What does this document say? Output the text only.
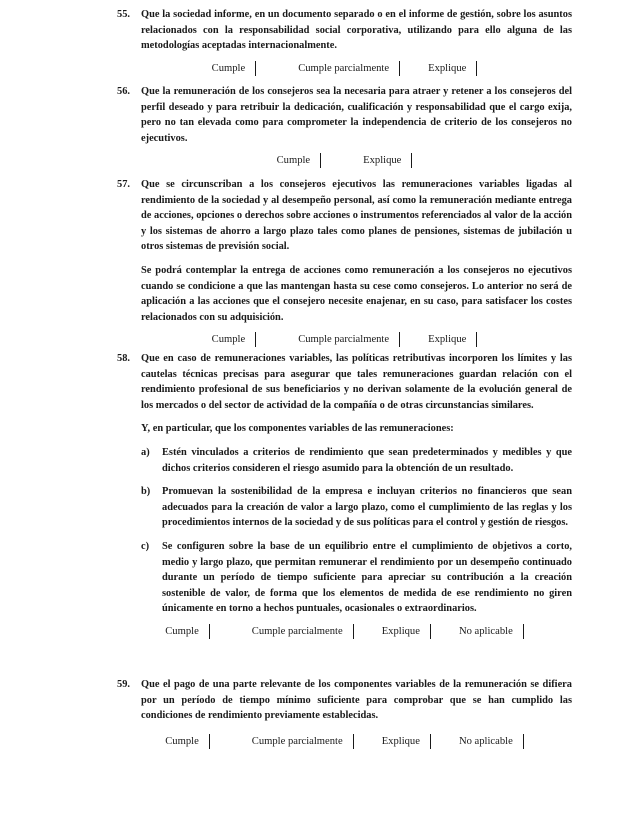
55. Que la sociedad informe, en un documento separado o en el informe de gestión, sobre los asuntos relacionados con la responsabilidad social corporativa, utilizando para ello alguna de las metodologías aceptadas internacionalmente.

Cumple	Cumple parcialmente	Explique
56. Que la remuneración de los consejeros sea la necesaria para atraer y retener a los consejeros del perfil deseado y para retribuir la dedicación, cualificación y responsabilidad que el cargo exija, pero no tan elevada como para comprometer la independencia de criterio de los consejeros no ejecutivos.

Cumple	Explique
57. Que se circunscriban a los consejeros ejecutivos las remuneraciones variables ligadas al rendimiento de la sociedad y al desempeño personal, así como la remuneración mediante entrega de acciones, opciones o derechos sobre acciones o instrumentos referenciados al valor de la acción y los sistemas de ahorro a largo plazo tales como planes de pensiones, sistemas de jubilación u otros sistemas de previsión social.

Se podrá contemplar la entrega de acciones como remuneración a los consejeros no ejecutivos cuando se condicione a que las mantengan hasta su cese como consejeros. Lo anterior no será de aplicación a las acciones que el consejero necesite enajenar, en su caso, para satisfacer los costes relacionados con su adquisición.

Cumple	Cumple parcialmente	Explique
58. Que en caso de remuneraciones variables, las políticas retributivas incorporen los límites y las cautelas técnicas precisas para asegurar que tales remuneraciones guardan relación con el rendimiento profesional de sus beneficiarios y no derivan solamente de la evolución general de los mercados o del sector de actividad de la compañía o de otras circunstancias similares.

Y, en particular, que los componentes variables de las remuneraciones:

a) Estén vinculados a criterios de rendimiento que sean predeterminados y medibles y que dichos criterios consideren el riesgo asumido para la obtención de un resultado.

b) Promuevan la sostenibilidad de la empresa e incluyan criterios no financieros que sean adecuados para la creación de valor a largo plazo, como el cumplimiento de las reglas y los procedimientos internos de la sociedad y de sus políticas para el control y gestión de riesgos.

c) Se configuren sobre la base de un equilibrio entre el cumplimiento de objetivos a corto, medio y largo plazo, que permitan remunerar el rendimiento por un desempeño continuado durante un período de tiempo suficiente para apreciar su contribución a la creación sostenible de valor, de forma que los elementos de medida de ese rendimiento no giren únicamente en torno a hechos puntuales, ocasionales o extraordinarios.

Cumple	Cumple parcialmente	Explique	No aplicable
59. Que el pago de una parte relevante de los componentes variables de la remuneración se difiera por un período de tiempo mínimo suficiente para comprobar que se han cumplido las condiciones de rendimiento previamente establecidas.

Cumple	Cumple parcialmente	Explique	No aplicable
